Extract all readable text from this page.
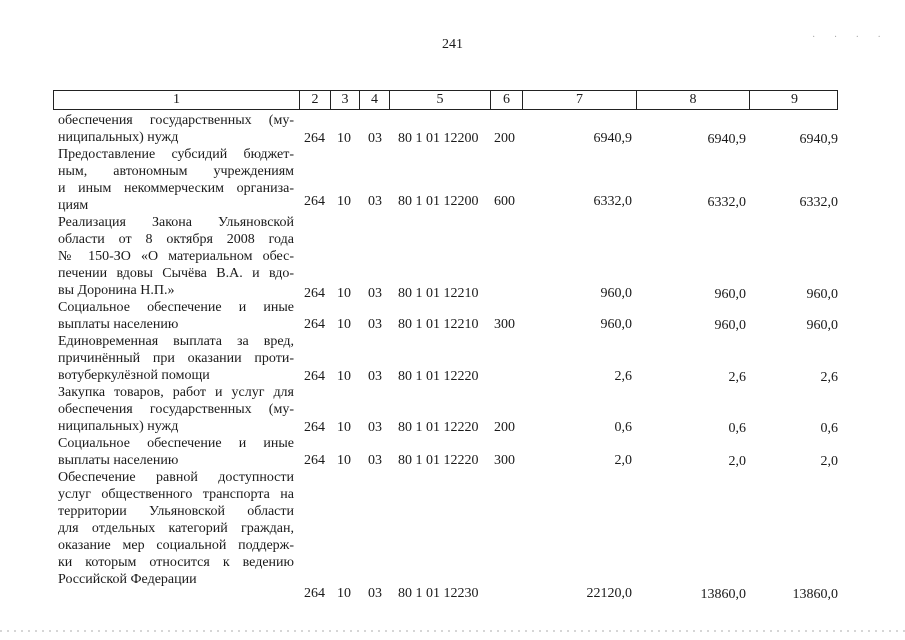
241	· · · ·
1	2	3	4	5	6	7	8	9
обеспечения государственных (му-
ниципальных) нужд	264 10 03 80 1 01 12200 200	6940,9	6940,9	6940,9
Предоставление субсидий бюджет-
ным, автономным учреждениям
и иным некоммерческим организа-
циям	264 10 03 80 1 01 12200 600	6332,0	6332,0	6332,0
Реализация Закона Ульяновской
области от 8 октября 2008 года
№ 150-ЗО «О материальном обес-
печении вдовы Сычёва В.А. и вдо-
вы Доронина Н.П.»	264 10 03 80 1 01 12210	960,0	960,0	960,0
Социальное обеспечение и иные
выплаты населению	264 10 03 80 1 01 12210 300	960,0	960,0	960,0
Единовременная выплата за вред,
причинённый при оказании проти-
вотуберкулёзной помощи	264 10 03 80 1 01 12220	2,6	2,6	2,6
Закупка товаров, работ и услуг для
обеспечения государственных (му-
ниципальных) нужд	264 10 03 80 1 01 12220 200	0,6	0,6	0,6
Социальное обеспечение и иные
выплаты населению	264 10 03 80 1 01 12220 300	2,0	2,0	2,0
Обеспечение равной доступности
услуг общественного транспорта на
территории Ульяновской области
для отдельных категорий граждан,
оказание мер социальной поддерж-
ки которым относится к ведению
Российской Федерации
264 10 03 80 1 01 12230	22120,0	13860,0	13860,0
